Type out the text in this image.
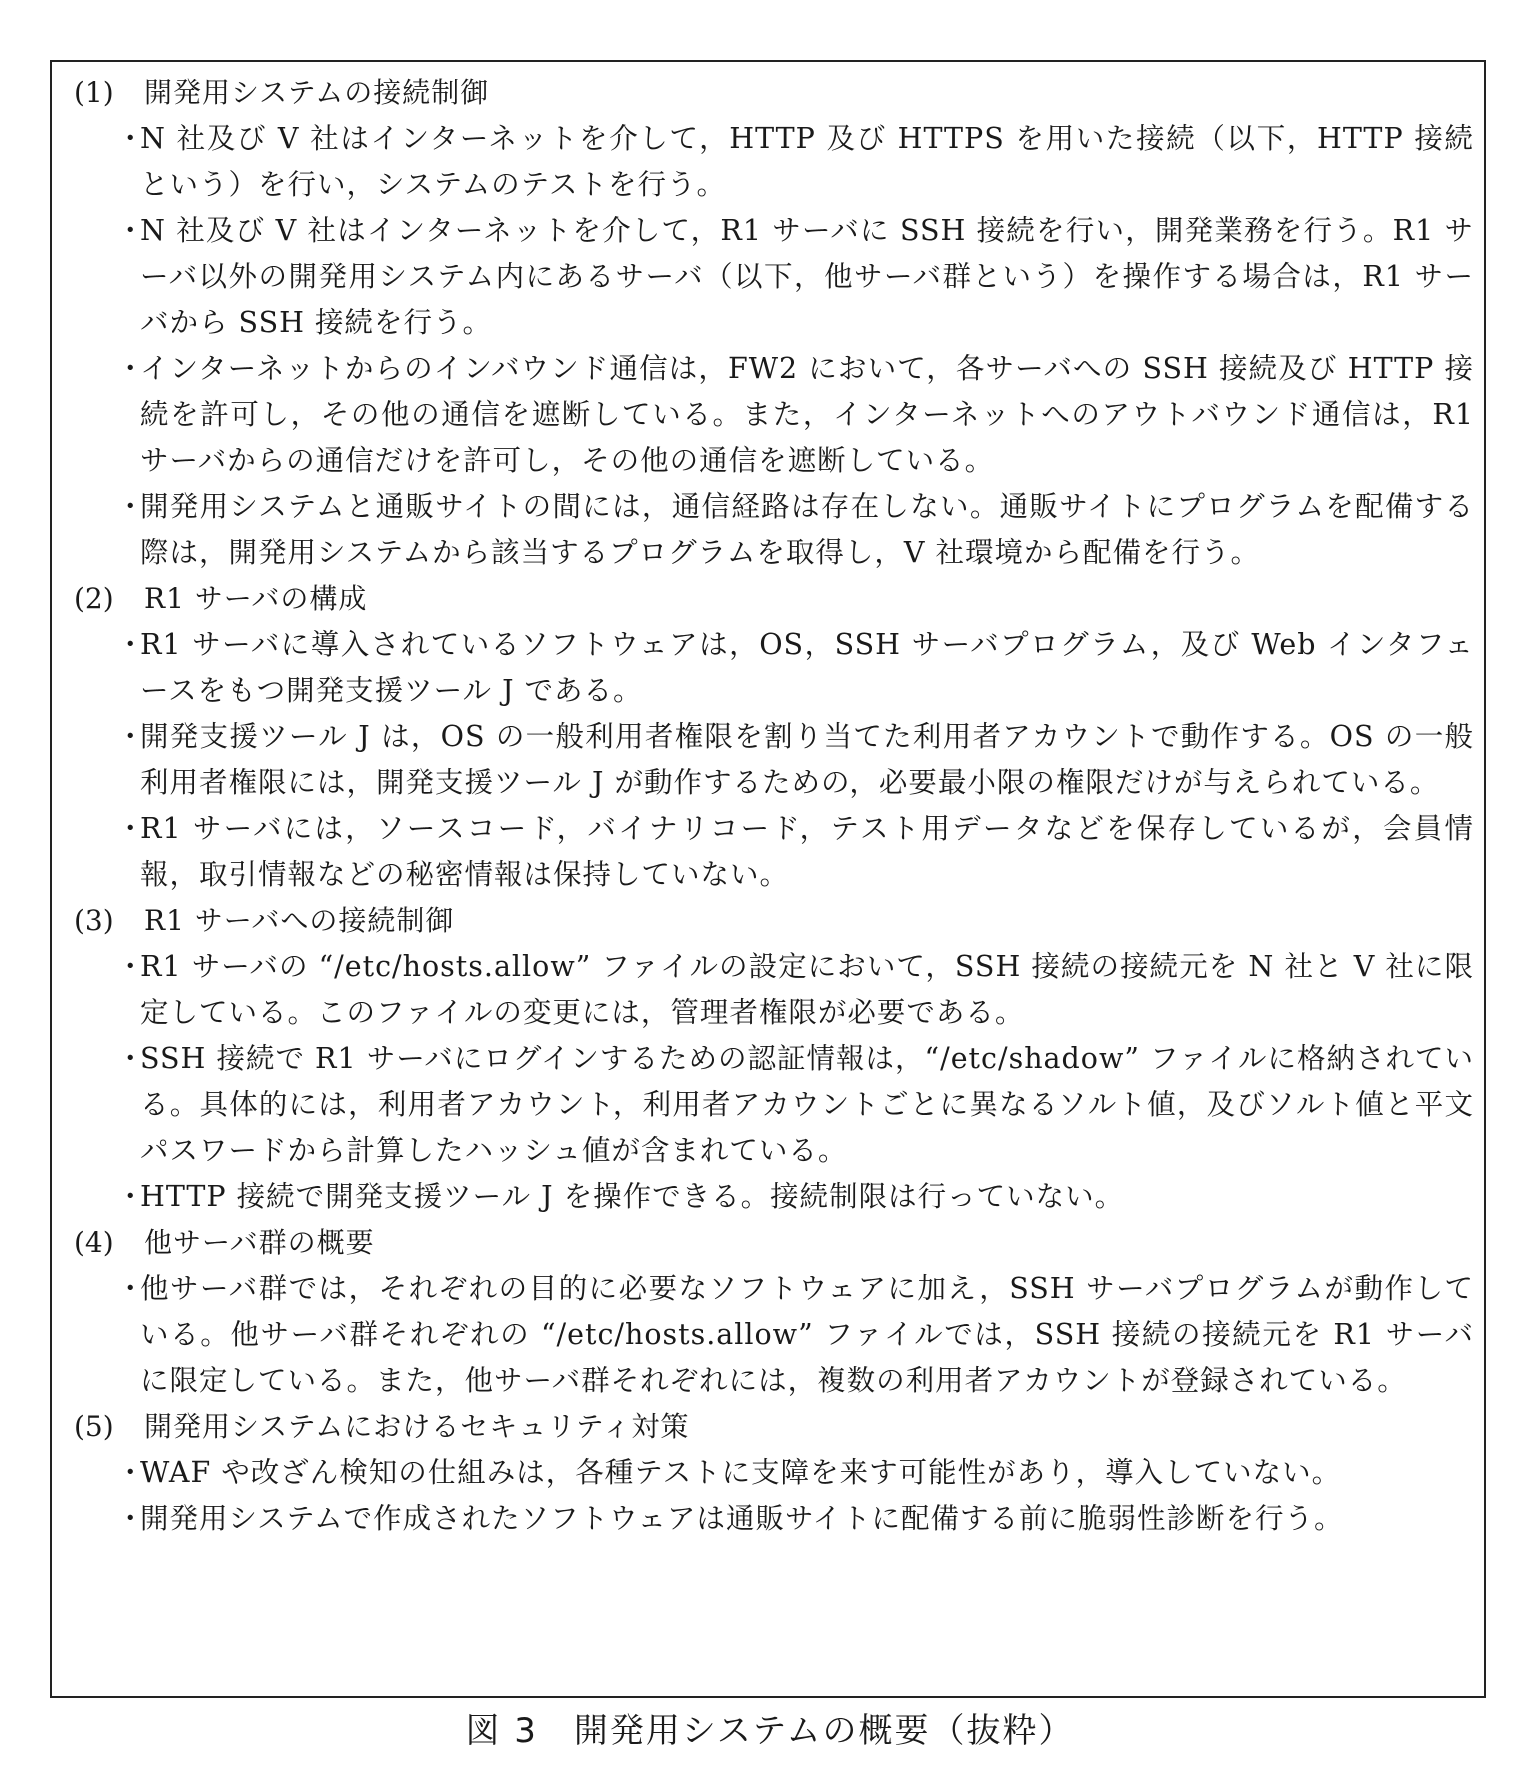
(1)	開発用システムの接続制御
・
N 社及び V 社はインターネットを介して，HTTP 及び HTTPS を用いた接続（以下，HTTP 接続という）を行い，システムのテストを行う。
・
N 社及び V 社はインターネットを介して，R1 サーバに SSH 接続を行い，開発業務を行う。R1 サーバ以外の開発用システム内にあるサーバ（以下，他サーバ群という）を操作する場合は，R1 サーバから SSH 接続を行う。
・
インターネットからのインバウンド通信は，FW2 において，各サーバへの SSH 接続及び HTTP 接続を許可し，その他の通信を遮断している。また，インターネットへのアウトバウンド通信は，R1 サーバからの通信だけを許可し，その他の通信を遮断している。
・
開発用システムと通販サイトの間には，通信経路は存在しない。通販サイトにプログラムを配備する際は，開発用システムから該当するプログラムを取得し，V 社環境から配備を行う。
(2)	R1 サーバの構成
・
R1 サーバに導入されているソフトウェアは，OS，SSH サーバプログラム，及び Web インタフェースをもつ開発支援ツール J である。
・
開発支援ツール J は，OS の一般利用者権限を割り当てた利用者アカウントで動作する。OS の一般利用者権限には，開発支援ツール J が動作するための，必要最小限の権限だけが与えられている。
・
R1 サーバには，ソースコード，バイナリコード，テスト用データなどを保存しているが，会員情報，取引情報などの秘密情報は保持していない。
(3)	R1 サーバへの接続制御
・
R1 サーバの “/etc/hosts.allow” ファイルの設定において，SSH 接続の接続元を N 社と V 社に限定している。このファイルの変更には，管理者権限が必要である。
・
SSH 接続で R1 サーバにログインするための認証情報は，“/etc/shadow” ファイルに格納されている。具体的には，利用者アカウント，利用者アカウントごとに異なるソルト値，及びソルト値と平文パスワードから計算したハッシュ値が含まれている。
・
HTTP 接続で開発支援ツール J を操作できる。接続制限は行っていない。
(4)	他サーバ群の概要
・
他サーバ群では，それぞれの目的に必要なソフトウェアに加え，SSH サーバプログラムが動作している。他サーバ群それぞれの “/etc/hosts.allow” ファイルでは，SSH 接続の接続元を R1 サーバに限定している。また，他サーバ群それぞれには，複数の利用者アカウントが登録されている。
(5)	開発用システムにおけるセキュリティ対策
・
WAF や改ざん検知の仕組みは，各種テストに支障を来す可能性があり，導入していない。
・
開発用システムで作成されたソフトウェアは通販サイトに配備する前に脆弱性診断を行う。
図 3　開発用システムの概要（抜粋）
